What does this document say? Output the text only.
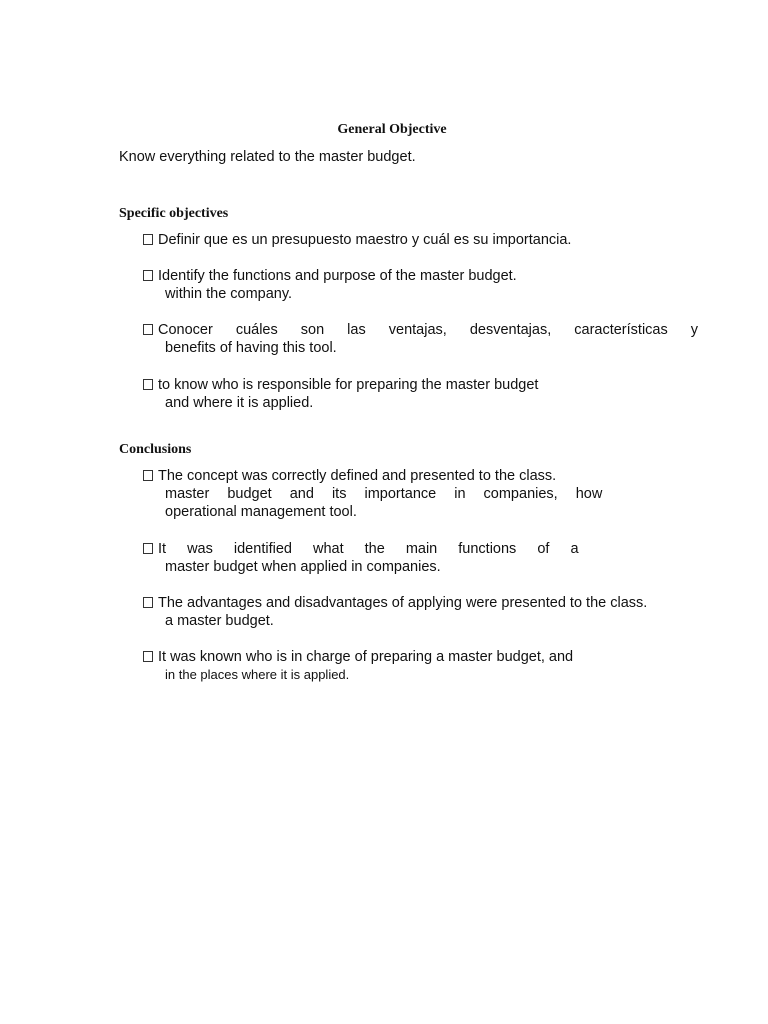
General Objective
Know everything related to the master budget.
Specific objectives
Definir que es un presupuesto maestro y cuál es su importancia.
Identify the functions and purpose of the master budget.
within the company.
Conocer cuáles son las ventajas, desventajas, características y
benefits of having this tool.
to know who is responsible for preparing the master budget
and where it is applied.
Conclusions
The concept was correctly defined and presented to the class.
master budget and its importance in companies, how
operational management tool.
It was identified what the main functions of a
master budget when applied in companies.
The advantages and disadvantages of applying were presented to the class.
a master budget.
It was known who is in charge of preparing a master budget, and
in the places where it is applied.
